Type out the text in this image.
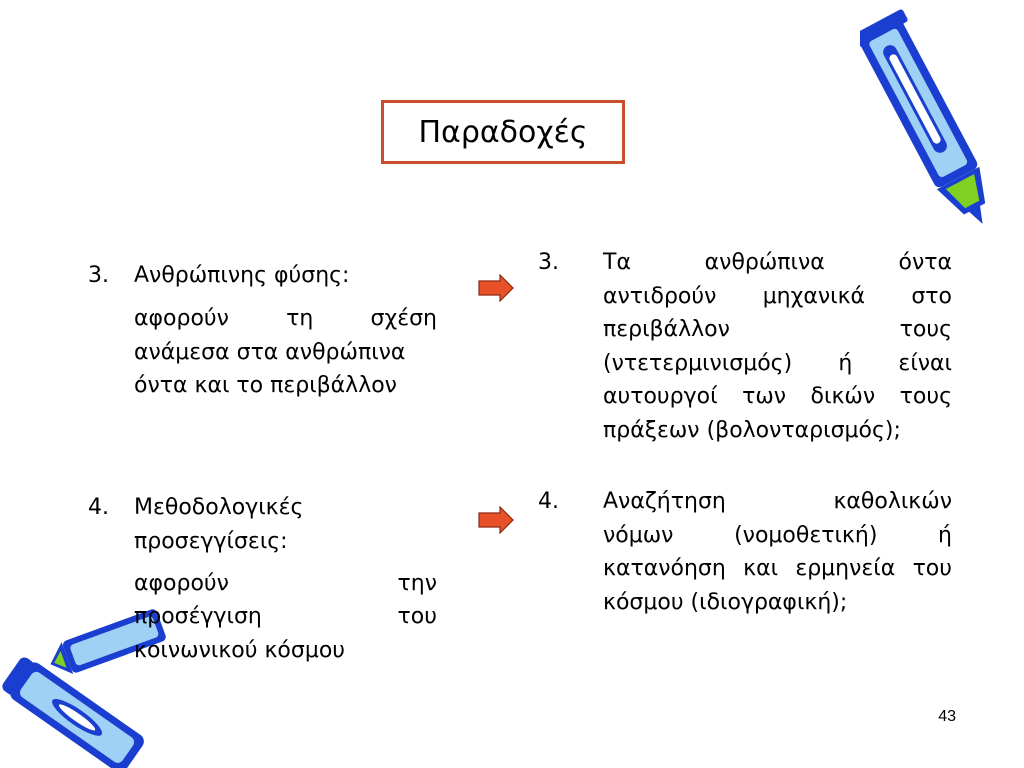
Παραδοχές
3. Ανθρώπινης φύσης:
αφορούν τη σχέση
ανάμεσα στα ανθρώπινα
όντα και το περιβάλλον
4. Μεθοδολογικές
προσεγγίσεις:
αφορούν την
προσέγγιση του
κοινωνικού κόσμου
3. Τα ανθρώπινα όντα
αντιδρούν μηχανικά στο
περιβάλλον τους
(ντετερμινισμός) ή είναι
αυτουργοί των δικών τους
πράξεων (βολονταρισμός);
4. Αναζήτηση καθολικών
νόμων (νομοθετική) ή
κατανόηση και ερμηνεία του
κόσμου (ιδιογραφική);
43
